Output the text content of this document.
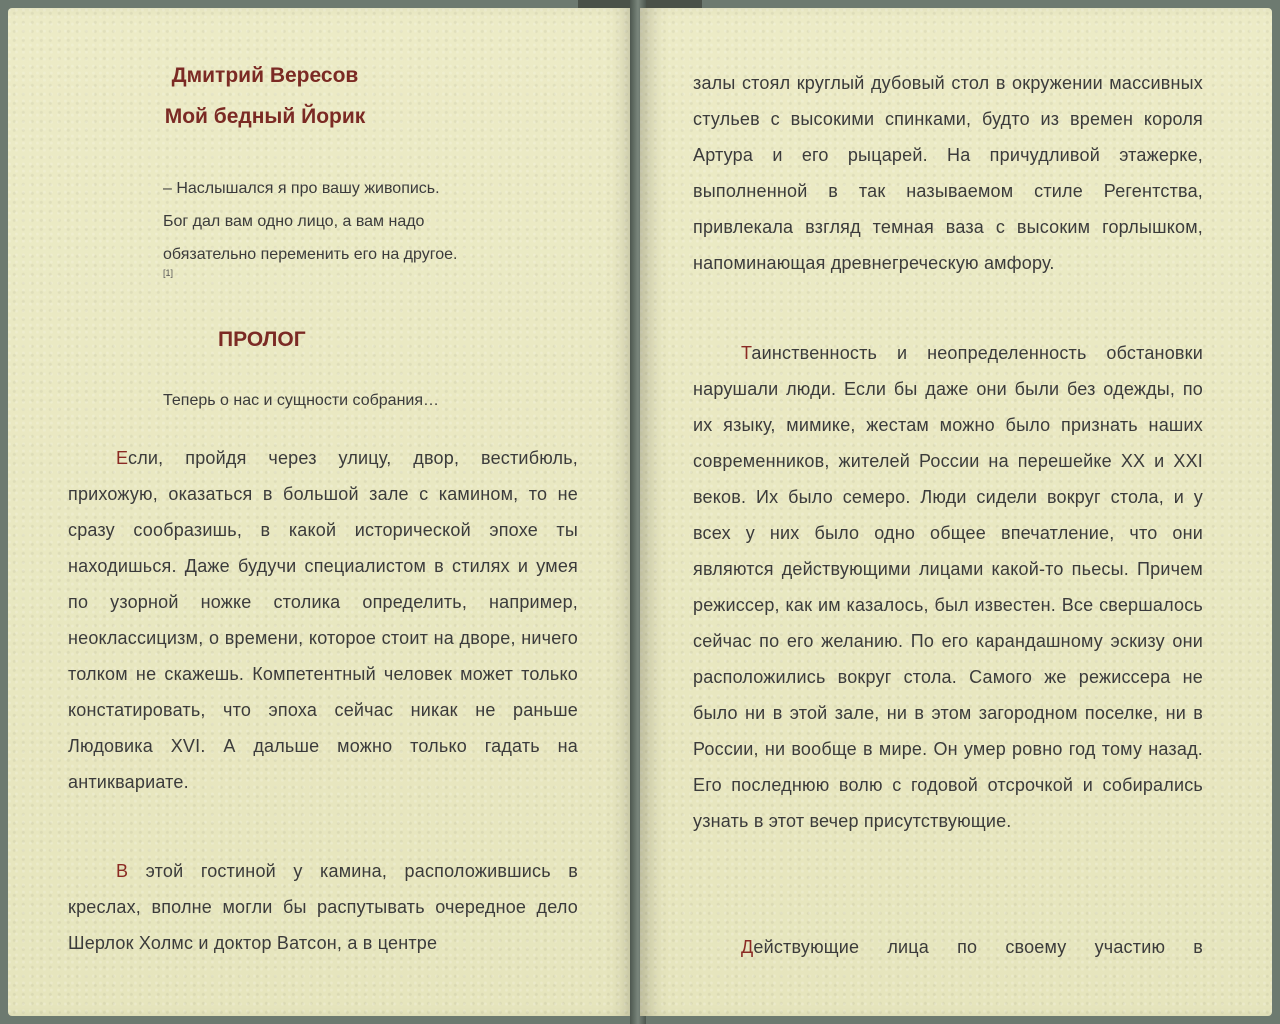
Дмитрий Вересов
Мой бедный Йорик

– Наслышался я про вашу живопись.

Бог дал вам одно лицо, а вам надо

обязательно переменить его на другое.

[1]
ПРОЛОГ
Теперь о нас и сущности собрания…

Если, пройдя через улицу, двор, вестибюль, прихожую, оказаться в большой зале с камином, то не сразу сообразишь, в какой исторической эпохе ты находишься. Даже будучи специалистом в стилях и умея по узорной ножке столика определить, например, неоклассицизм, о времени, которое стоит на дворе, ничего толком не скажешь. Компетентный человек может только констатировать, что эпоха сейчас никак не раньше Людовика XVI. А дальше можно только гадать на антиквариате.

В этой гостиной у камина, расположившись в креслах, вполне могли бы распутывать очередное дело Шерлок Холмс и доктор Ватсон, а в центре

залы стоял круглый дубовый стол в окружении массивных стульев с высокими спинками, будто из времен короля Артура и его рыцарей. На причудливой этажерке, выполненной в так называемом стиле Регентства, привлекала взгляд темная ваза с высоким горлышком, напоминающая древнегреческую амфору.

Таинственность и неопределенность обстановки нарушали люди. Если бы даже они были без одежды, по их языку, мимике, жестам можно было признать наших современников, жителей России на перешейке XX и XXI веков. Их было семеро. Люди сидели вокруг стола, и у всех у них было одно общее впечатление, что они являются действующими лицами какой-то пьесы. Причем режиссер, как им казалось, был известен. Все свершалось сейчас по его желанию. По его карандашному эскизу они расположились вокруг стола. Самого же режиссера не было ни в этой зале, ни в этом загородном поселке, ни в России, ни вообще в мире. Он умер ровно год тому назад. Его последнюю волю с годовой отсрочкой и собирались узнать в этот вечер присутствующие.

Действующие лица по своему участию в
